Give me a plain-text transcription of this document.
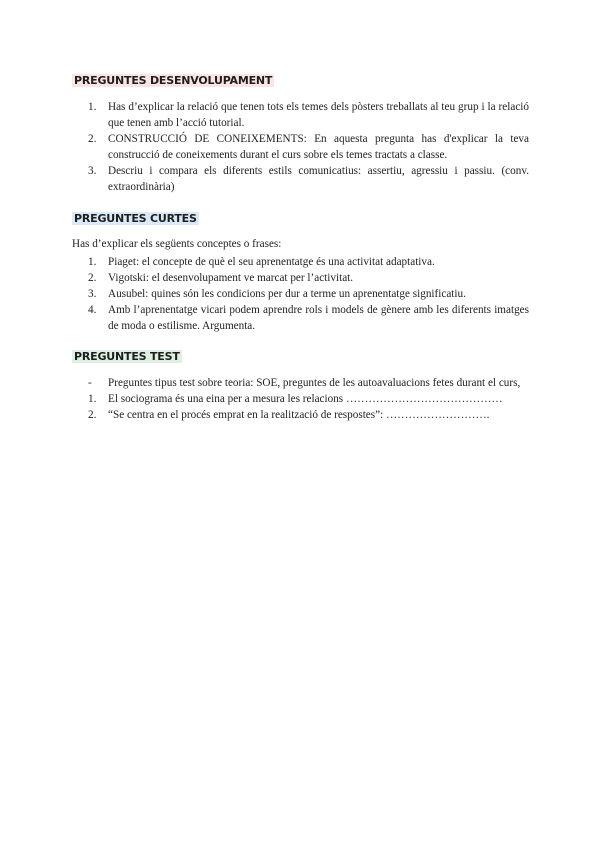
PREGUNTES DESENVOLUPAMENT
1. Has d’explicar la relació que tenen tots els temes dels pòsters treballats al teu grup i la relació que tenen amb l’acció tutorial.
2. CONSTRUCCIÓ DE CONEIXEMENTS: En aquesta pregunta has d'explicar la teva construcció de coneixements durant el curs sobre els temes tractats a classe.
3. Descriu i compara els diferents estils comunicatius: assertiu, agressiu i passiu. (conv. extraordinària)
PREGUNTES CURTES
Has d’explicar els següents conceptes o frases:
1. Piaget: el concepte de què el seu aprenentatge és una activitat adaptativa.
2. Vigotski: el desenvolupament ve marcat per l’activitat.
3. Ausubel: quines són les condicions per dur a terme un aprenentatge significatiu.
4. Amb l’aprenentatge vicari podem aprendre rols i models de gènere amb les diferents imatges de moda o estilisme. Argumenta.
PREGUNTES TEST
- Preguntes tipus test sobre teoria: SOE, preguntes de les autoavaluacions fetes durant el curs,
1. El sociograma és una eina per a mesura les relacions ……………………………………
2. “Se centra en el procés emprat en la realització de respostes”: ……………………….
